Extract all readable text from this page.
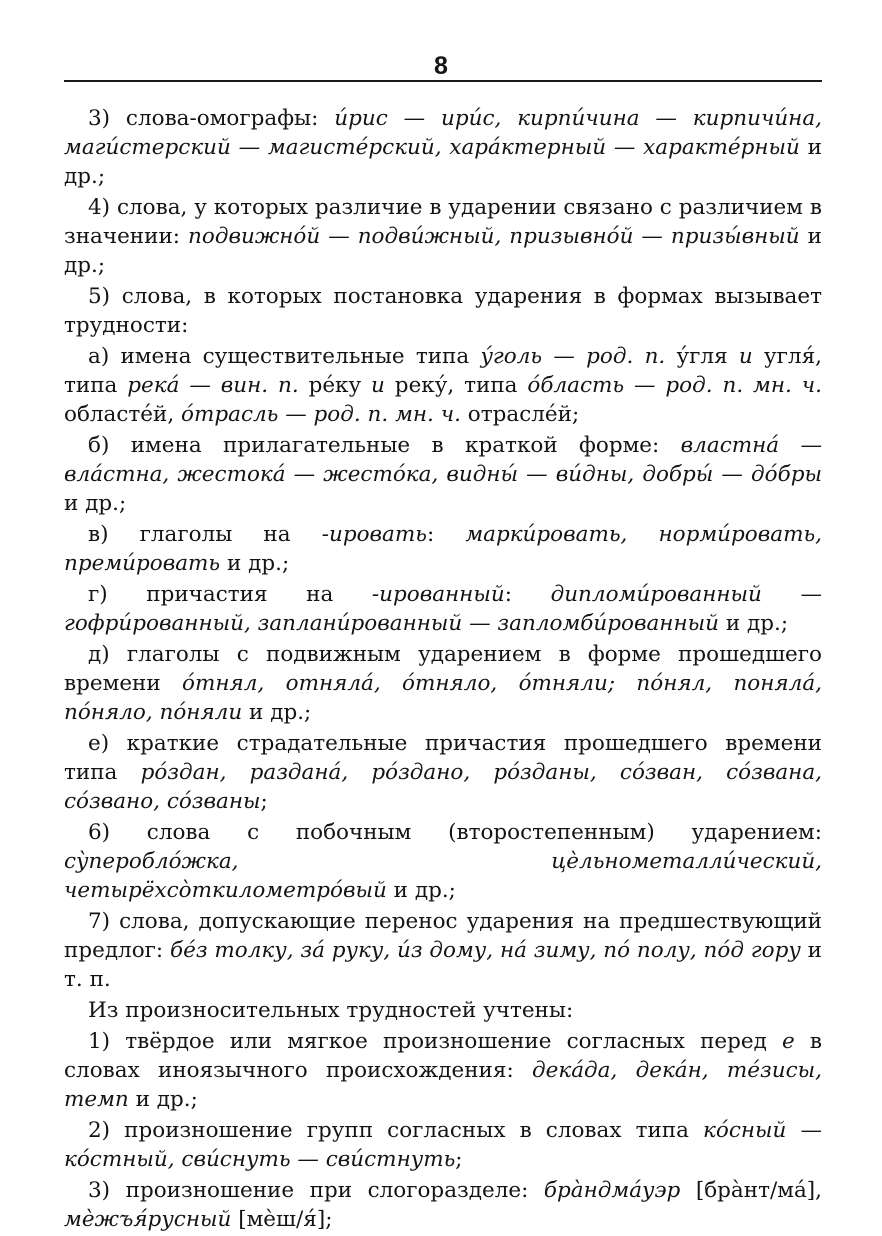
8

3) слова-омографы: и́рис — ири́с, кирпи́чина — кирпичи́на, маги́стерский — магисте́рский, хара́ктерный — характе́рный и др.;

4) слова, у которых различие в ударении связано с различием в значении: подвижно́й — подви́жный, призывно́й — призы́вный и др.;

5) слова, в которых постановка ударения в формах вызывает трудности:

а) имена существительные типа у́голь — род. п. у́гля и угля́, типа река́ — вин. п. ре́ку и реку́, типа о́бласть — род. п. мн. ч. областе́й, о́трасль — род. п. мн. ч. отрасле́й;

б) имена прилагательные в краткой форме: властна́ — вла́стна, жестока́ — жесто́ка, видны́ — ви́дны, добры́ — до́бры и др.;

в) глаголы на -ировать: марки́ровать, норми́ровать, преми́ровать и др.;

г) причастия на -ированный: дипломи́рованный — гофри́рованный, заплани́рованный — запломби́рованный и др.;

д) глаголы с подвижным ударением в форме прошедшего времени о́тнял, отняла́, о́тняло, о́тняли; по́нял, поняла́, по́няло, по́няли и др.;

е) краткие страдательные причастия прошедшего времени типа ро́здан, раздана́, ро́здано, ро́зданы, со́зван, со́звана, со́звано, со́званы;

6) слова с побочным (второстепенным) ударением: су̀перобло́жка, цѐльнометалли́ческий, четырёхсо̀ткилометро́вый и др.;

7) слова, допускающие перенос ударения на предшествующий предлог: бе́з толку, за́ руку, и́з дому, на́ зиму, по́ полу, по́д гору и т. п.

Из произносительных трудностей учтены:

1) твёрдое или мягкое произношение согласных перед е в словах иноязычного происхождения: дека́да, дека́н, те́зисы, темп и др.;

2) произношение групп согласных в словах типа ко́сный — ко́стный, сви́снуть — сви́стнуть;

3) произношение при слогоразделе: бра̀ндма́уэр [бра̀нт/ма́], мѐжъя́русный [мѐш/я́];
